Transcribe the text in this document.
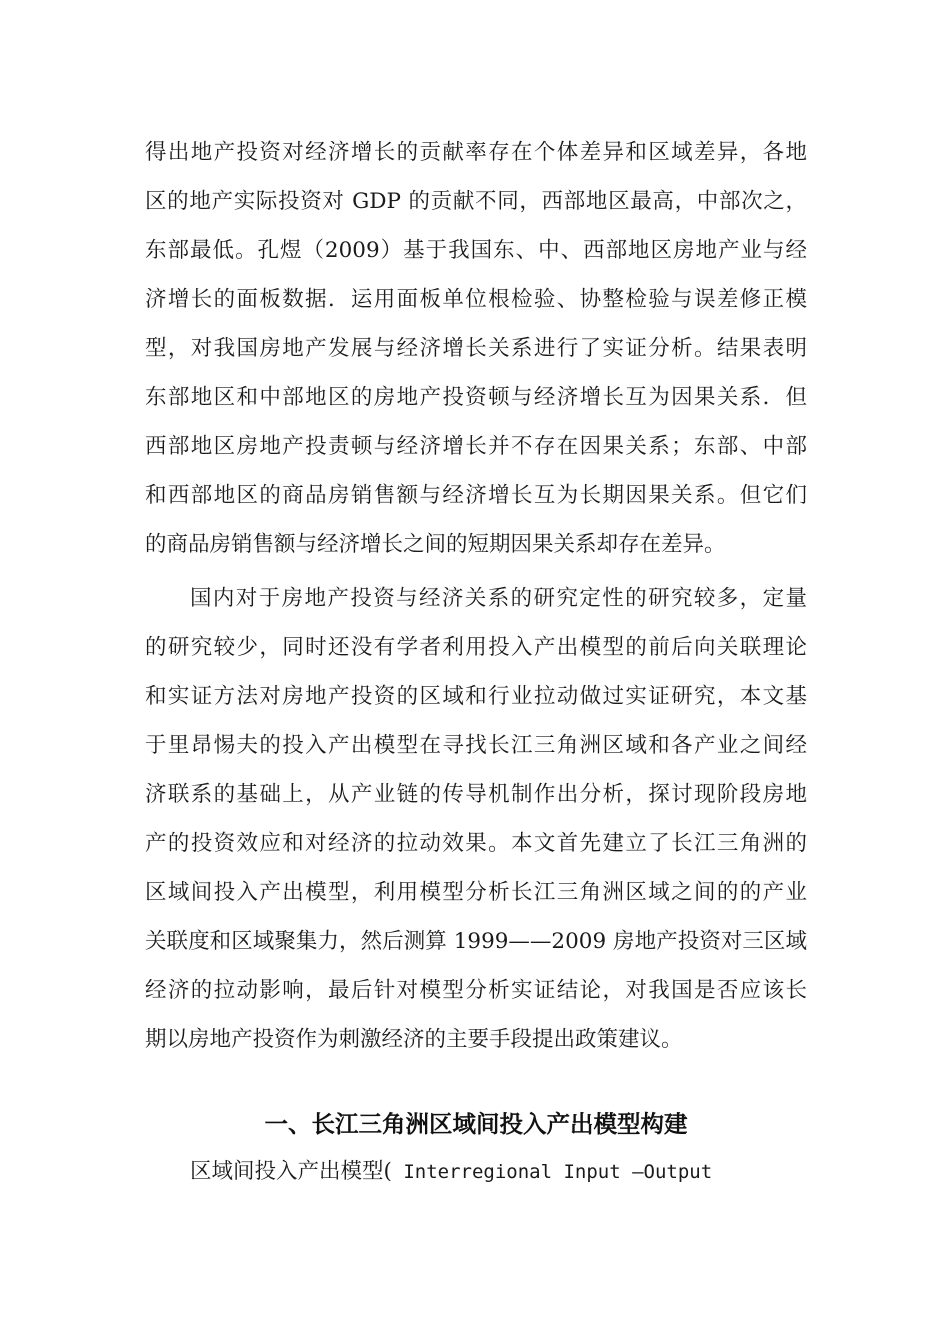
得出地产投资对经济增长的贡献率存在个体差异和区域差异，各地
区的地产实际投资对 GDP 的贡献不同，西部地区最高，中部次之，
东部最低。孔煜（2009）基于我国东、中、西部地区房地产业与经
济增长的面板数据．运用面板单位根检验、协整检验与误差修正模
型，对我国房地产发展与经济增长关系进行了实证分析。结果表明
东部地区和中部地区的房地产投资顿与经济增长互为因果关系．但
西部地区房地产投责顿与经济增长并不存在因果关系；东部、中部
和西部地区的商品房销售额与经济增长互为长期因果关系。但它们
的商品房销售额与经济增长之间的短期因果关系却存在差异。
国内对于房地产投资与经济关系的研究定性的研究较多，定量
的研究较少，同时还没有学者利用投入产出模型的前后向关联理论
和实证方法对房地产投资的区域和行业拉动做过实证研究，本文基
于里昂惕夫的投入产出模型在寻找长江三角洲区域和各产业之间经
济联系的基础上，从产业链的传导机制作出分析，探讨现阶段房地
产的投资效应和对经济的拉动效果。本文首先建立了长江三角洲的
区域间投入产出模型，利用模型分析长江三角洲区域之间的的产业
关联度和区域聚集力，然后测算 1999——2009 房地产投资对三区域
经济的拉动影响，最后针对模型分析实证结论，对我国是否应该长
期以房地产投资作为刺激经济的主要手段提出政策建议。
一、长江三角洲区域间投入产出模型构建
区域间投入产出模型( Interregional Input —Output
